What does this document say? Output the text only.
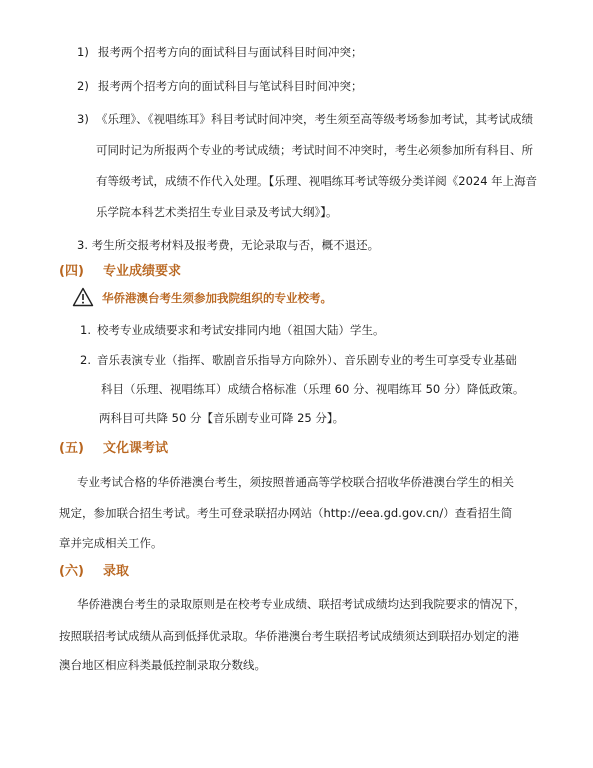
1) 报考两个招考方向的面试科目与面试科目时间冲突；
2) 报考两个招考方向的面试科目与笔试科目时间冲突；
3) 《乐理》、《视唱练耳》科目考试时间冲突，考生须至高等级考场参加考试，其考试成绩
可同时记为所报两个专业的考试成绩；考试时间不冲突时，考生必须参加所有科目、所
有等级考试，成绩不作代入处理。【乐理、视唱练耳考试等级分类详阅《2024 年上海音
乐学院本科艺术类招生专业目录及考试大纲》】。
3. 考生所交报考材料及报考费，无论录取与否，概不退还。
(四) 专业成绩要求
华侨港澳台考生须参加我院组织的专业校考。
1. 校考专业成绩要求和考试安排同内地（祖国大陆）学生。
2. 音乐表演专业（指挥、歌剧音乐指导方向除外）、音乐剧专业的考生可享受专业基础
科目（乐理、视唱练耳）成绩合格标准（乐理 60 分、视唱练耳 50 分）降低政策。
两科目可共降 50 分【音乐剧专业可降 25 分】。
(五) 文化课考试
专业考试合格的华侨港澳台考生，须按照普通高等学校联合招收华侨港澳台学生的相关
规定，参加联合招生考试。考生可登录联招办网站（http://eea.gd.gov.cn/）查看招生简
章并完成相关工作。
(六) 录取
华侨港澳台考生的录取原则是在校考专业成绩、联招考试成绩均达到我院要求的情况下，
按照联招考试成绩从高到低择优录取。华侨港澳台考生联招考试成绩须达到联招办划定的港
澳台地区相应科类最低控制录取分数线。
